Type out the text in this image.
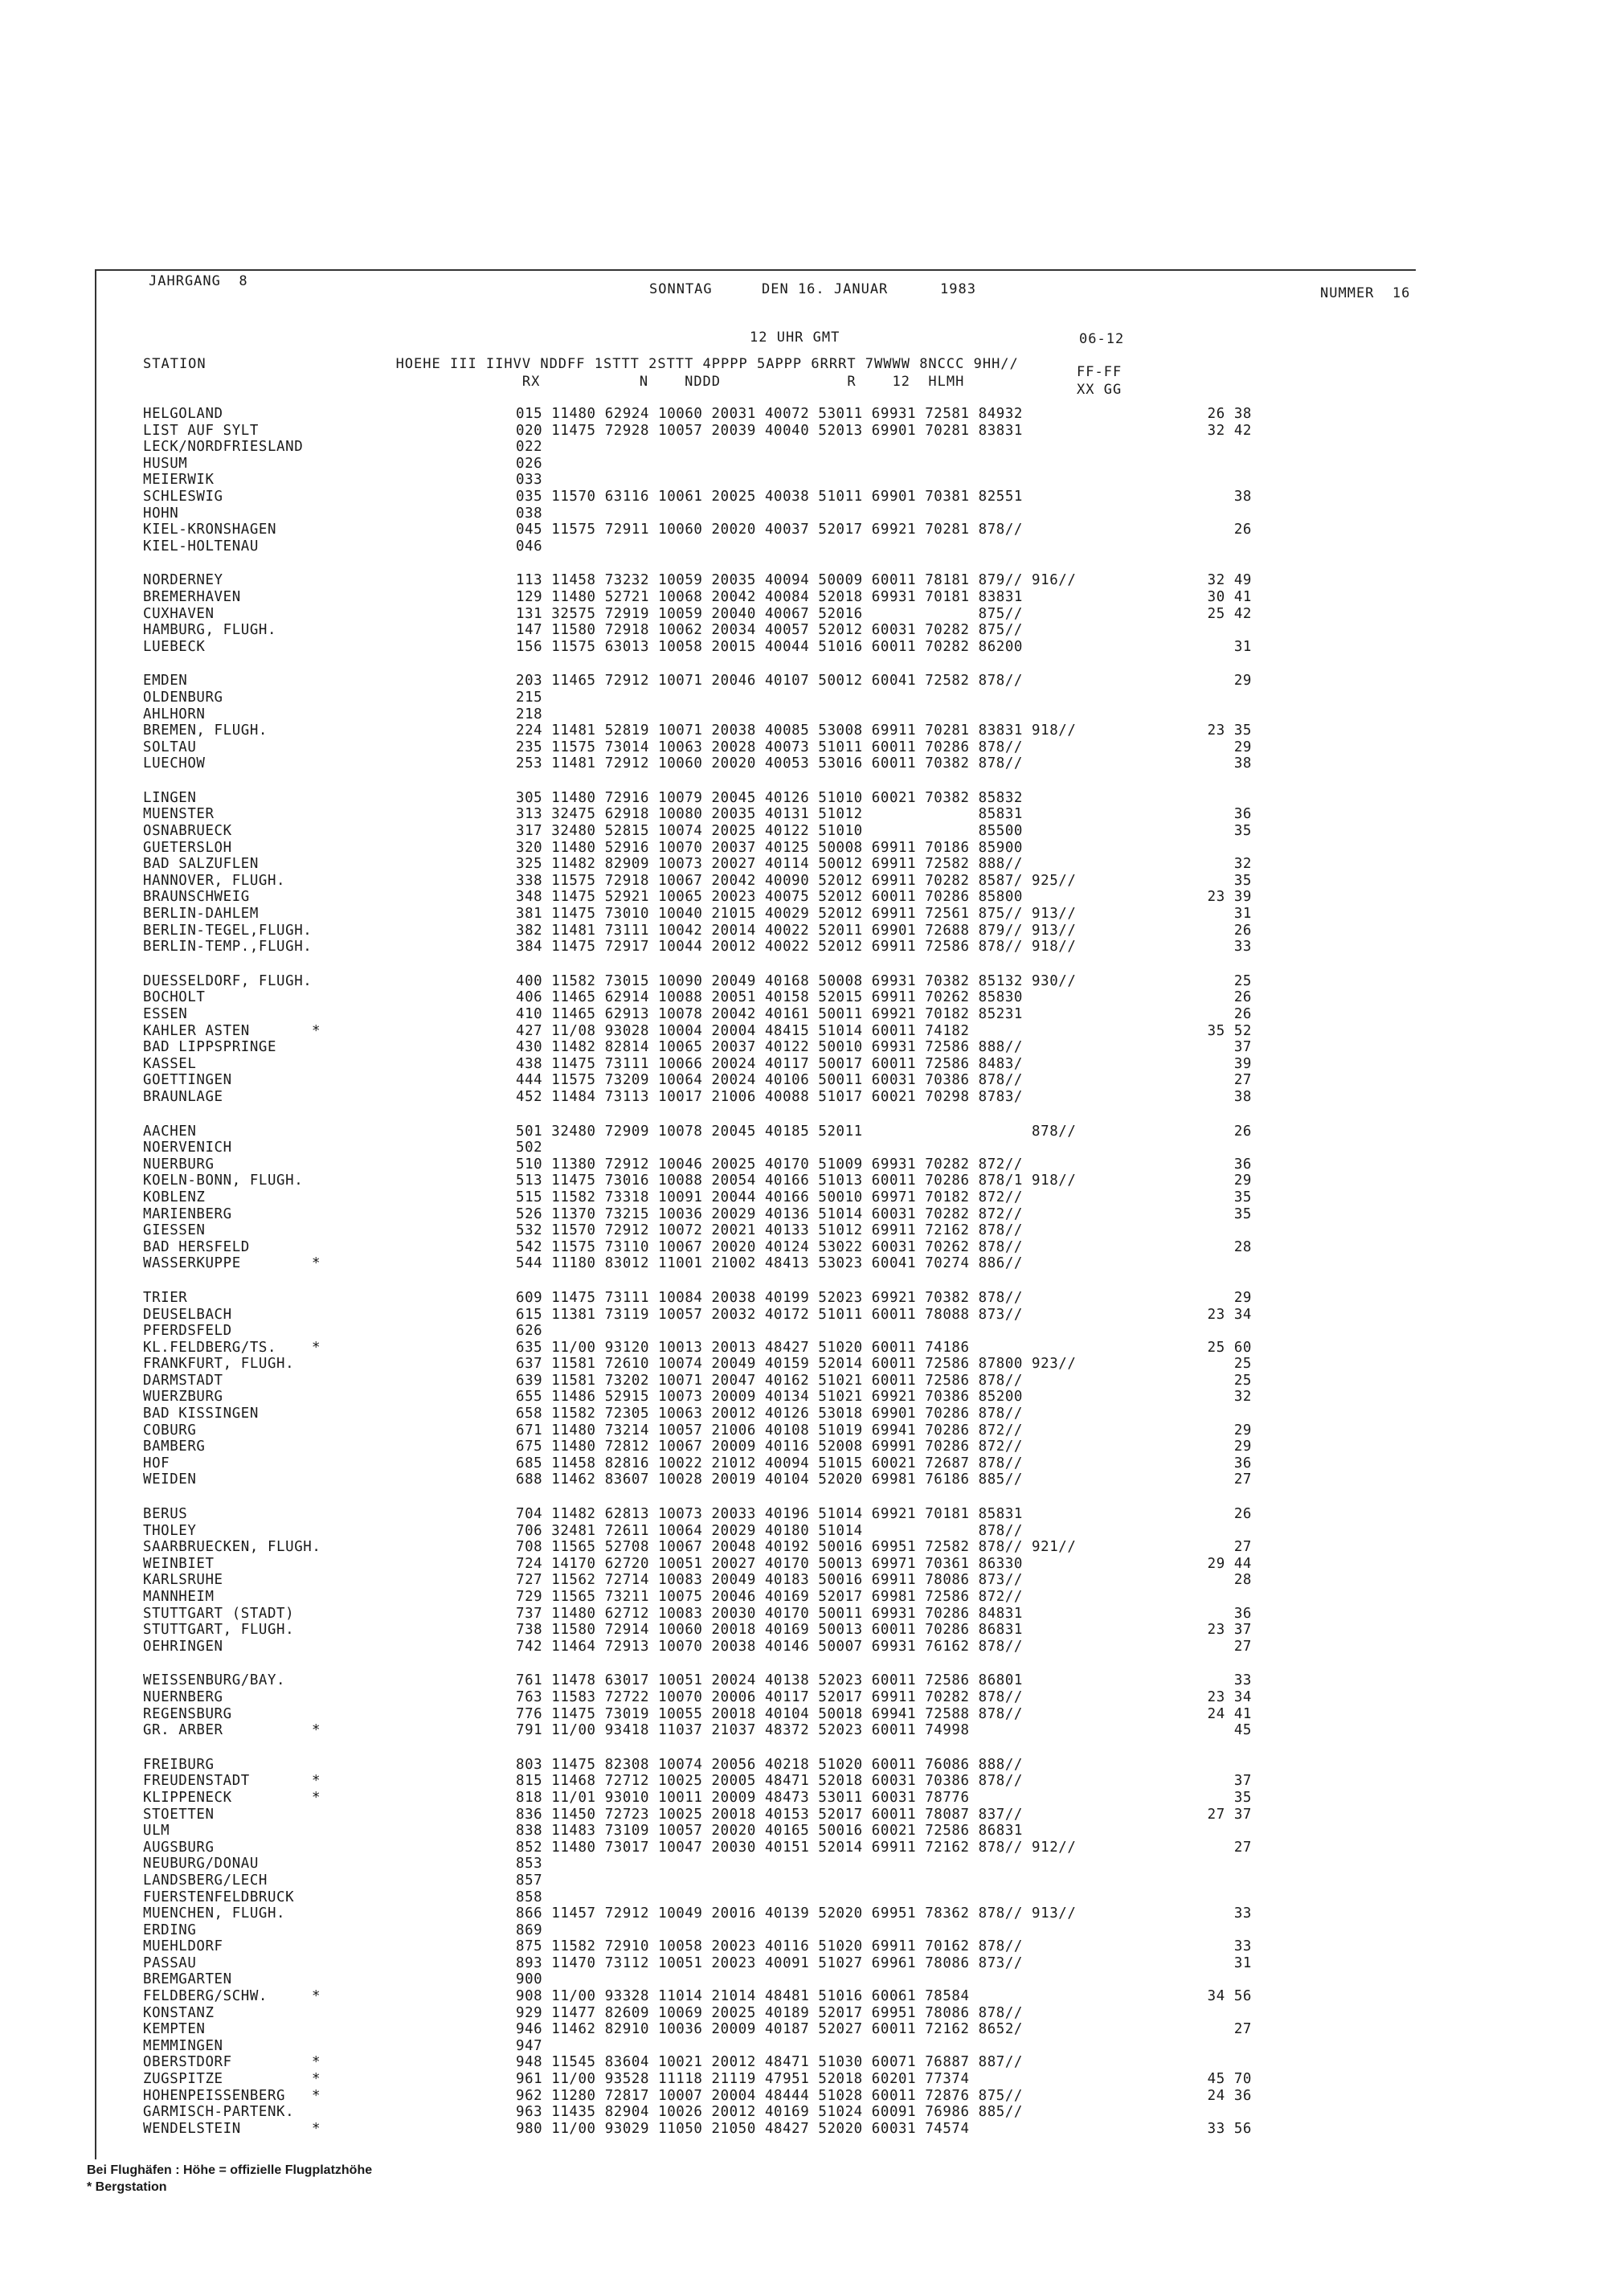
JAHRGANG  8	SONNTAG	DEN 16. JANUAR	1983	NUMMER  16
12 UHR GMT	06-12
STATION                     HOEHE III IIHVV NDDFF 1STTT 2STTT 4PPPP 5APPP 6RRRT 7WWWW 8NCCC 9HH//
RX           N    NDDD              R    12  HLMH
FF-FF
XX GG
HELGOLAND	015 11480 62924 10060 20031 40072 53011 69931 72581 84932	26 38
LIST AUF SYLT	020 11475 72928 10057 20039 40040 52013 69901 70281 83831	32 42
LECK/NORDFRIESLAND	022
HUSUM	026
MEIERWIK	033
SCHLESWIG	035 11570 63116 10061 20025 40038 51011 69901 70381 82551	38
HOHN	038
KIEL-KRONSHAGEN	045 11575 72911 10060 20020 40037 52017 69921 70281 878//	26
KIEL-HOLTENAU	046
NORDERNEY	113 11458 73232 10059 20035 40094 50009 60011 78181 879// 916//	32 49
BREMERHAVEN	129 11480 52721 10068 20042 40084 52018 69931 70181 83831	30 41
CUXHAVEN	131 32575 72919 10059 20040 40067 52016             875//	25 42
HAMBURG, FLUGH.	147 11580 72918 10062 20034 40057 52012 60031 70282 875//
LUEBECK	156 11575 63013 10058 20015 40044 51016 60011 70282 86200	31
EMDEN	203 11465 72912 10071 20046 40107 50012 60041 72582 878//	29
OLDENBURG	215
AHLHORN	218
BREMEN, FLUGH.	224 11481 52819 10071 20038 40085 53008 69911 70281 83831 918//	23 35
SOLTAU	235 11575 73014 10063 20028 40073 51011 60011 70286 878//	29
LUECHOW	253 11481 72912 10060 20020 40053 53016 60011 70382 878//	38
LINGEN	305 11480 72916 10079 20045 40126 51010 60021 70382 85832
MUENSTER	313 32475 62918 10080 20035 40131 51012             85831	36
OSNABRUECK	317 32480 52815 10074 20025 40122 51010             85500	35
GUETERSLOH	320 11480 52916 10070 20037 40125 50008 69911 70186 85900
BAD SALZUFLEN	325 11482 82909 10073 20027 40114 50012 69911 72582 888//	32
HANNOVER, FLUGH.	338 11575 72918 10067 20042 40090 52012 69911 70282 8587/ 925//	35
BRAUNSCHWEIG	348 11475 52921 10065 20023 40075 52012 60011 70286 85800	23 39
BERLIN-DAHLEM	381 11475 73010 10040 21015 40029 52012 69911 72561 875// 913//	31
BERLIN-TEGEL,FLUGH.	382 11481 73111 10042 20014 40022 52011 69901 72688 879// 913//	26
BERLIN-TEMP.,FLUGH.	384 11475 72917 10044 20012 40022 52012 69911 72586 878// 918//	33
DUESSELDORF, FLUGH.	400 11582 73015 10090 20049 40168 50008 69931 70382 85132 930//	25
BOCHOLT	406 11465 62914 10088 20051 40158 52015 69911 70262 85830	26
ESSEN	410 11465 62913 10078 20042 40161 50011 69921 70182 85231	26
KAHLER ASTEN	*	427 11/08 93028 10004 20004 48415 51014 60011 74182	35 52
BAD LIPPSPRINGE	430 11482 82814 10065 20037 40122 50010 69931 72586 888//	37
KASSEL	438 11475 73111 10066 20024 40117 50017 60011 72586 8483/	39
GOETTINGEN	444 11575 73209 10064 20024 40106 50011 60031 70386 878//	27
BRAUNLAGE	452 11484 73113 10017 21006 40088 51017 60021 70298 8783/	38
AACHEN	501 32480 72909 10078 20045 40185 52011                   878//	26
NOERVENICH	502
NUERBURG	510 11380 72912 10046 20025 40170 51009 69931 70282 872//	36
KOELN-BONN, FLUGH.	513 11475 73016 10088 20054 40166 51013 60011 70286 878/1 918//	29
KOBLENZ	515 11582 73318 10091 20044 40166 50010 69971 70182 872//	35
MARIENBERG	526 11370 73215 10036 20029 40136 51014 60031 70282 872//	35
GIESSEN	532 11570 72912 10072 20021 40133 51012 69911 72162 878//
BAD HERSFELD	542 11575 73110 10067 20020 40124 53022 60031 70262 878//	28
WASSERKUPPE	*	544 11180 83012 11001 21002 48413 53023 60041 70274 886//
TRIER	609 11475 73111 10084 20038 40199 52023 69921 70382 878//	29
DEUSELBACH	615 11381 73119 10057 20032 40172 51011 60011 78088 873//	23 34
PFERDSFELD	626
KL.FELDBERG/TS.	*	635 11/00 93120 10013 20013 48427 51020 60011 74186	25 60
FRANKFURT, FLUGH.	637 11581 72610 10074 20049 40159 52014 60011 72586 87800 923//	25
DARMSTADT	639 11581 73202 10071 20047 40162 51021 60011 72586 878//	25
WUERZBURG	655 11486 52915 10073 20009 40134 51021 69921 70386 85200	32
BAD KISSINGEN	658 11582 72305 10063 20012 40126 53018 69901 70286 878//
COBURG	671 11480 73214 10057 21006 40108 51019 69941 70286 872//	29
BAMBERG	675 11480 72812 10067 20009 40116 52008 69991 70286 872//	29
HOF	685 11458 82816 10022 21012 40094 51015 60021 72687 878//	36
WEIDEN	688 11462 83607 10028 20019 40104 52020 69981 76186 885//	27
BERUS	704 11482 62813 10073 20033 40196 51014 69921 70181 85831	26
THOLEY	706 32481 72611 10064 20029 40180 51014             878//
SAARBRUECKEN, FLUGH.	708 11565 52708 10067 20048 40192 50016 69951 72582 878// 921//	27
WEINBIET	724 14170 62720 10051 20027 40170 50013 69971 70361 86330	29 44
KARLSRUHE	727 11562 72714 10083 20049 40183 50016 69911 78086 873//	28
MANNHEIM	729 11565 73211 10075 20046 40169 52017 69981 72586 872//
STUTTGART (STADT)	737 11480 62712 10083 20030 40170 50011 69931 70286 84831	36
STUTTGART, FLUGH.	738 11580 72914 10060 20018 40169 50013 60011 70286 86831	23 37
OEHRINGEN	742 11464 72913 10070 20038 40146 50007 69931 76162 878//	27
WEISSENBURG/BAY.	761 11478 63017 10051 20024 40138 52023 60011 72586 86801	33
NUERNBERG	763 11583 72722 10070 20006 40117 52017 69911 70282 878//	23 34
REGENSBURG	776 11475 73019 10055 20018 40104 50018 69941 72588 878//	24 41
GR. ARBER	*	791 11/00 93418 11037 21037 48372 52023 60011 74998	45
FREIBURG	803 11475 82308 10074 20056 40218 51020 60011 76086 888//
FREUDENSTADT	*	815 11468 72712 10025 20005 48471 52018 60031 70386 878//	37
KLIPPENECK	*	818 11/01 93010 10011 20009 48473 53011 60031 78776	35
STOETTEN	836 11450 72723 10025 20018 40153 52017 60011 78087 837//	27 37
ULM	838 11483 73109 10057 20020 40165 50016 60021 72586 86831
AUGSBURG	852 11480 73017 10047 20030 40151 52014 69911 72162 878// 912//	27
NEUBURG/DONAU	853
LANDSBERG/LECH	857
FUERSTENFELDBRUCK	858
MUENCHEN, FLUGH.	866 11457 72912 10049 20016 40139 52020 69951 78362 878// 913//	33
ERDING	869
MUEHLDORF	875 11582 72910 10058 20023 40116 51020 69911 70162 878//	33
PASSAU	893 11470 73112 10051 20023 40091 51027 69961 78086 873//	31
BREMGARTEN	900
FELDBERG/SCHW.	*	908 11/00 93328 11014 21014 48481 51016 60061 78584	34 56
KONSTANZ	929 11477 82609 10069 20025 40189 52017 69951 78086 878//
KEMPTEN	946 11462 82910 10036 20009 40187 52027 60011 72162 8652/	27
MEMMINGEN	947
OBERSTDORF	*	948 11545 83604 10021 20012 48471 51030 60071 76887 887//
ZUGSPITZE	*	961 11/00 93528 11118 21119 47951 52018 60201 77374	45 70
HOHENPEISSENBERG *	962 11280 72817 10007 20004 48444 51028 60011 72876 875//	24 36
GARMISCH-PARTENK.	963 11435 82904 10026 20012 40169 51024 60091 76986 885//
WENDELSTEIN	*	980 11/00 93029 11050 21050 48427 52020 60031 74574	33 56
Bei Flughäfen : Höhe = offizielle Flugplatzhöhe
* Bergstation
